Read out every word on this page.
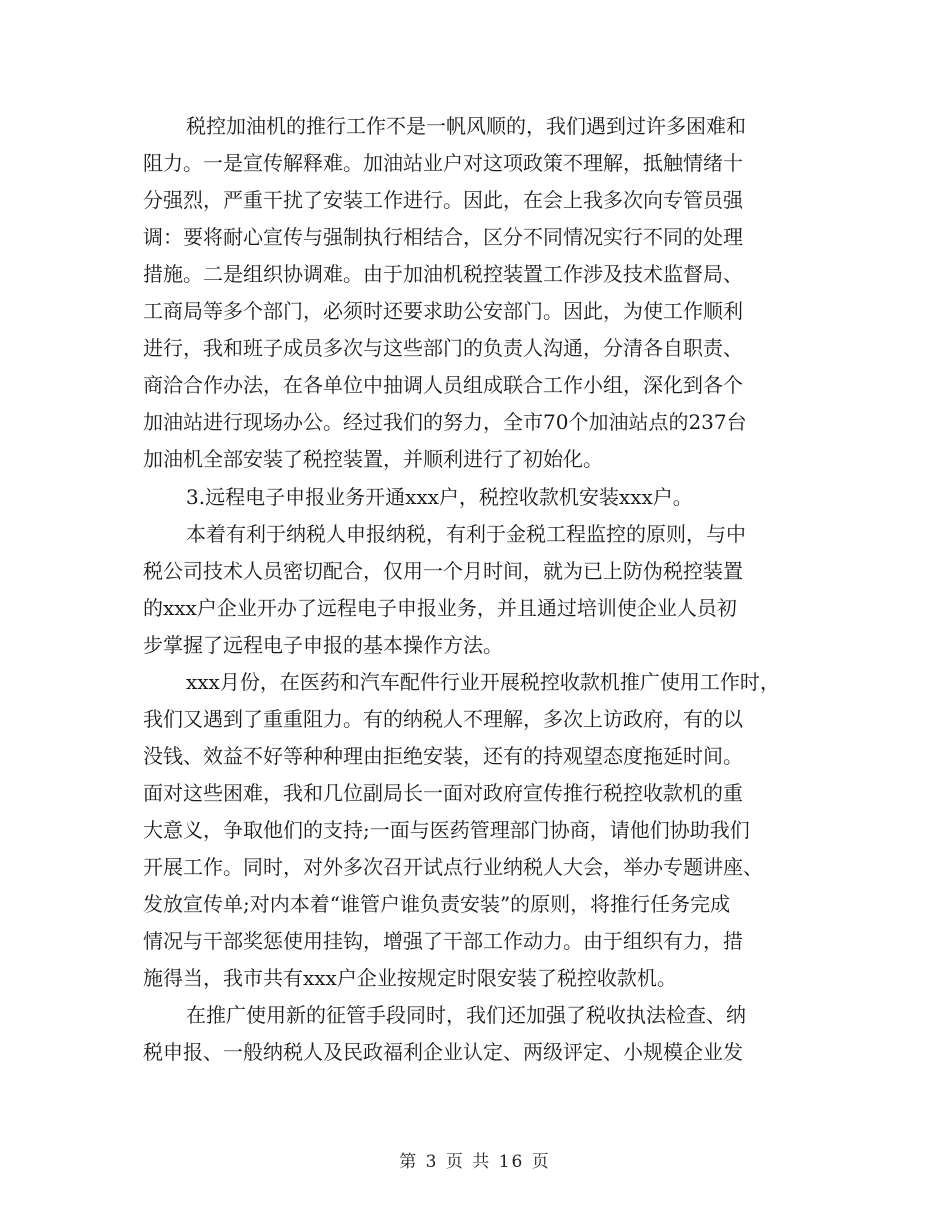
税控加油机的推行工作不是一帆风顺的，我们遇到过许多困难和
阻力。一是宣传解释难。加油站业户对这项政策不理解，抵触情绪十
分强烈，严重干扰了安装工作进行。因此，在会上我多次向专管员强
调：要将耐心宣传与强制执行相结合，区分不同情况实行不同的处理
措施。二是组织协调难。由于加油机税控装置工作涉及技术监督局、
工商局等多个部门，必须时还要求助公安部门。因此，为使工作顺利
进行，我和班子成员多次与这些部门的负责人沟通，分清各自职责、
商洽合作办法，在各单位中抽调人员组成联合工作小组，深化到各个
加油站进行现场办公。经过我们的努力，全市70个加油站点的237台
加油机全部安装了税控装置，并顺利进行了初始化。
3.远程电子申报业务开通xxx户，税控收款机安装xxx户。
本着有利于纳税人申报纳税，有利于金税工程监控的原则，与中
税公司技术人员密切配合，仅用一个月时间，就为已上防伪税控装置
的xxx户企业开办了远程电子申报业务，并且通过培训使企业人员初
步掌握了远程电子申报的基本操作方法。
xxx月份，在医药和汽车配件行业开展税控收款机推广使用工作时，
我们又遇到了重重阻力。有的纳税人不理解，多次上访政府，有的以
没钱、效益不好等种种理由拒绝安装，还有的持观望态度拖延时间。
面对这些困难，我和几位副局长一面对政府宣传推行税控收款机的重
大意义，争取他们的支持;一面与医药管理部门协商，请他们协助我们
开展工作。同时，对外多次召开试点行业纳税人大会，举办专题讲座、
发放宣传单;对内本着“谁管户谁负责安装”的原则，将推行任务完成
情况与干部奖惩使用挂钩，增强了干部工作动力。由于组织有力，措
施得当，我市共有xxx户企业按规定时限安装了税控收款机。
在推广使用新的征管手段同时，我们还加强了税收执法检查、纳
税申报、一般纳税人及民政福利企业认定、两级评定、小规模企业发
第 3 页 共 16 页
